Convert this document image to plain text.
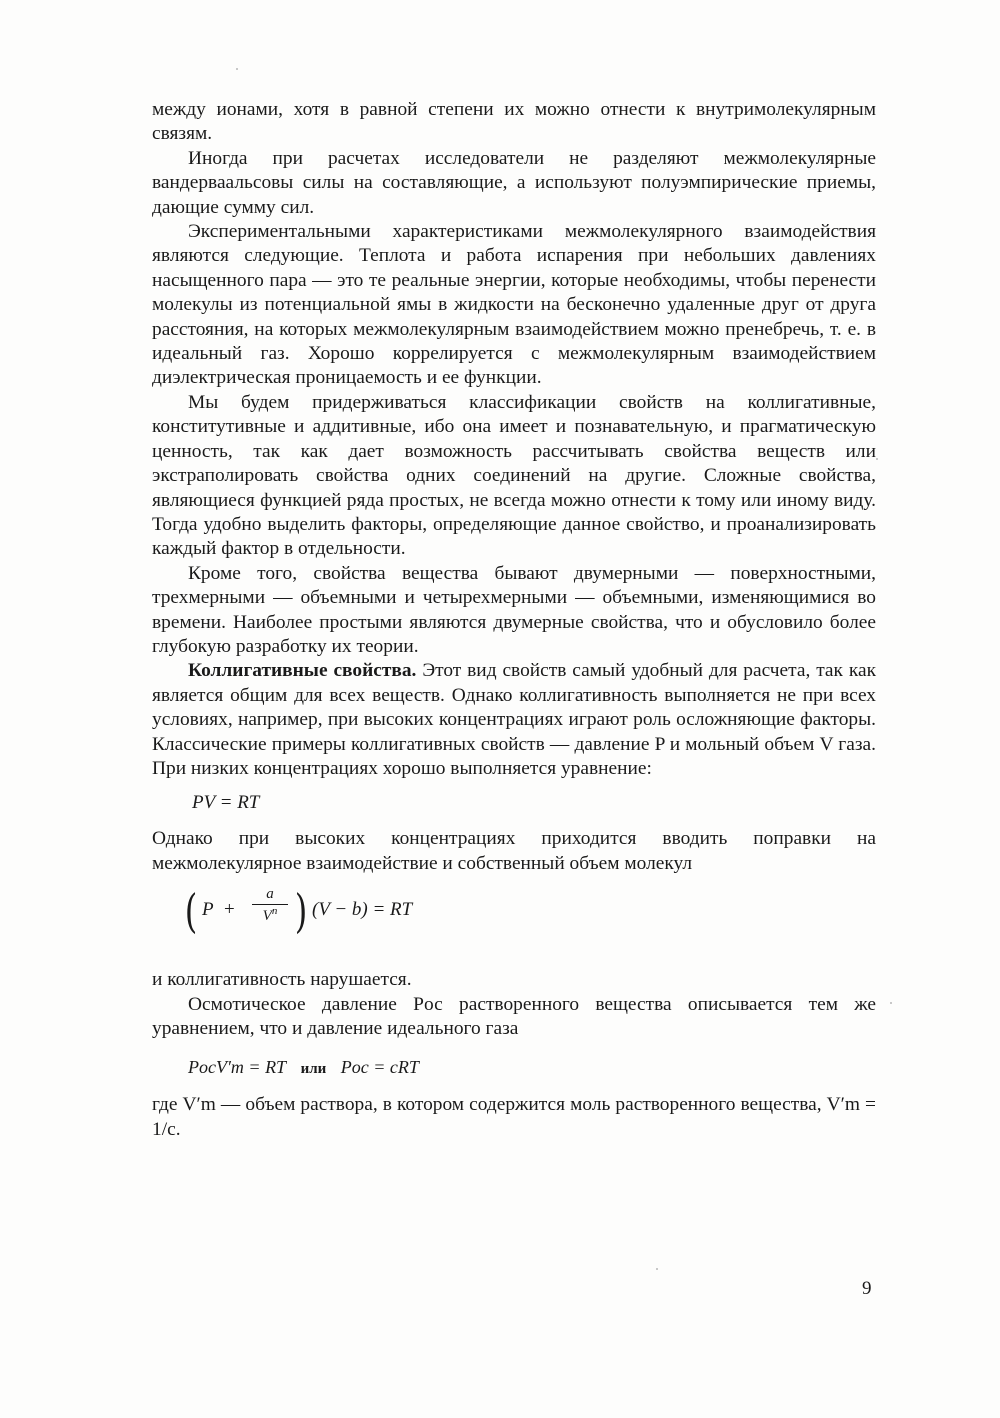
между ионами, хотя в равной степени их можно отнести к внутримолекулярным связям.

Иногда при расчетах исследователи не разделяют межмолекулярные вандерваальсовы силы на составляющие, а используют полуэмпирические приемы, дающие сумму сил.

Экспериментальными характеристиками межмолекулярного взаимодействия являются следующие. Теплота и работа испарения при небольших давлениях насыщенного пара — это те реальные энергии, которые необходимы, чтобы перенести молекулы из потенциальной ямы в жидкости на бесконечно удаленные друг от друга расстояния, на которых межмолекулярным взаимодействием можно пренебречь, т. е. в идеальный газ. Хорошо коррелируется с межмолекулярным взаимодействием диэлектрическая проницаемость и ее функции.

Мы будем придерживаться классификации свойств на коллигативные, конститутивные и аддитивные, ибо она имеет и познавательную, и прагматическую ценность, так как дает возможность рассчитывать свойства веществ или экстраполировать свойства одних соединений на другие. Сложные свойства, являющиеся функцией ряда простых, не всегда можно отнести к тому или иному виду. Тогда удобно выделить факторы, определяющие данное свойство, и проанализировать каждый фактор в отдельности.

Кроме того, свойства вещества бывают двумерными — поверхностными, трехмерными — объемными и четырехмерными — объемными, изменяющимися во времени. Наиболее простыми являются двумерные свойства, что и обусловило более глубокую разработку их теории.

Коллигативные свойства. Этот вид свойств самый удобный для расчета, так как является общим для всех веществ. Однако коллигативность выполняется не при всех условиях, например, при высоких концентрациях играют роль осложняющие факторы. Классические примеры коллигативных свойств — давление P и мольный объем V газа. При низких концентрациях хорошо выполняется уравнение:

PV = RT

Однако при высоких концентрациях приходится вводить поправки на межмолекулярное взаимодействие и собственный объем молекул

( $P + \frac{a}{V^n}$ ) (V − b) = RT

и коллигативность нарушается.

Осмотическое давление Pос растворенного вещества описывается тем же уравнением, что и давление идеального газа

PосV′m = RT или Pос = cRT

где V′m — объем раствора, в котором содержится моль растворенного вещества, V′m = 1/c.

9
